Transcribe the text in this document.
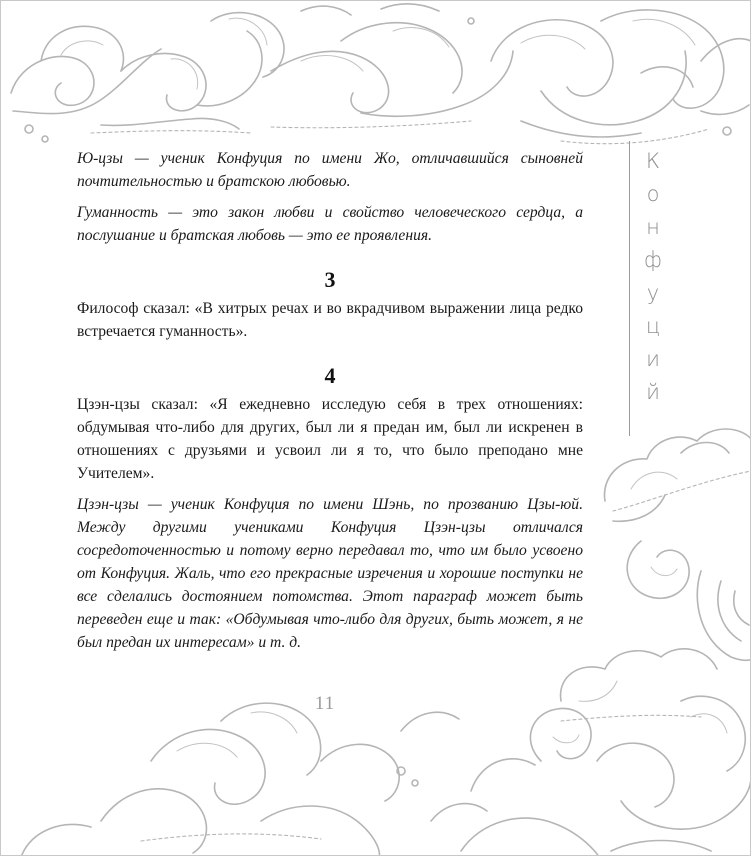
К
о
н
ф
у
ц
и
й

Ю-цзы — ученик Конфуция по имени Жо, отличавшийся сыновней почтительностью и братскою любовью.

Гуманность — это закон любви и свойство человеческого сердца, а послушание и братская любовь — это ее проявления.

3

Философ сказал: «В хитрых речах и во вкрадчивом выражении лица редко встречается гуманность».

4

Цзэн-цзы сказал: «Я ежедневно исследую себя в трех отношениях: обдумывая что-либо для других, был ли я предан им, был ли искренен в отношениях с друзьями и усвоил ли я то, что было преподано мне Учителем».

Цзэн-цзы — ученик Конфуция по имени Шэнь, по прозванию Цзы-юй. Между другими учениками Конфуция Цзэн-цзы отличался сосредоточенностью и потому верно передавал то, что им было усвоено от Конфуция. Жаль, что его прекрасные изречения и хорошие поступки не все сделались достоянием потомства. Этот параграф может быть переведен еще и так: «Обдумывая что-либо для других, быть может, я не был предан их интересам» и т. д.

11
